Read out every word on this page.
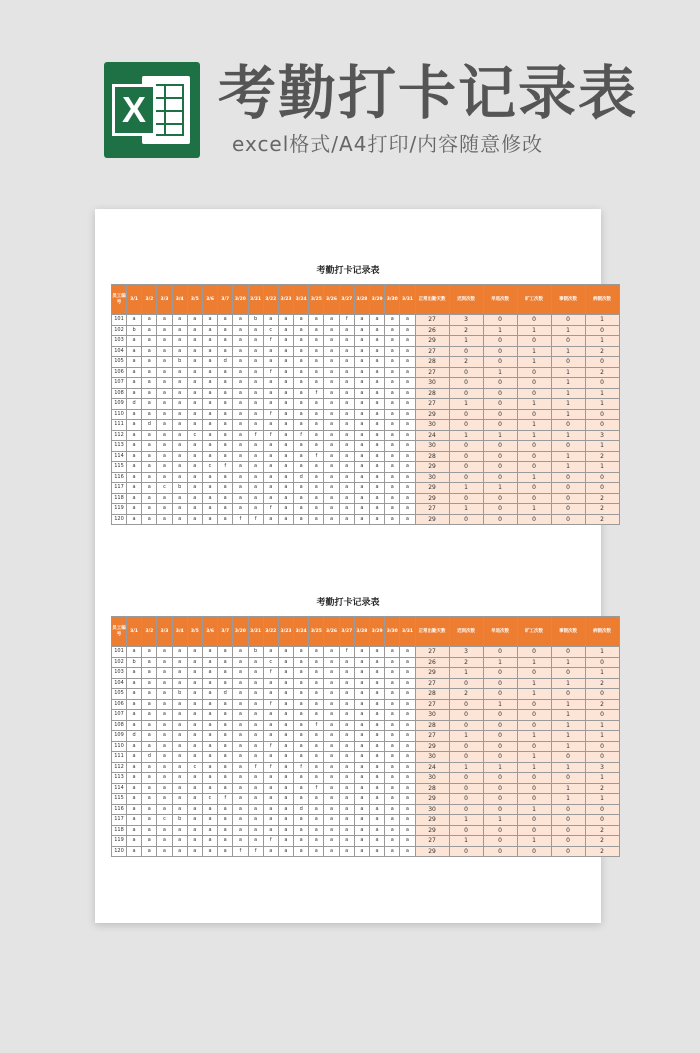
X 考勤打卡记录表
excel格式/A4打印/内容随意修改
考勤打卡记录表
员工编号	3/1	3/2	3/3	3/4	3/5	3/6	3/7	3/20	3/21	3/22	3/23	3/24	3/25	3/26	3/27	3/28	3/29	3/30	3/31	正常出勤天数	迟到次数	早退次数	旷工次数	事假次数	病假次数
101	a	a	a	a	a	a	a	a	b	a	a	a	a	a	f	a	a	a	a	27	3	0	0	0	1
102	b	a	a	a	a	a	a	a	a	c	a	a	a	a	a	a	a	a	a	26	2	1	1	1	0
103	a	a	a	a	a	a	a	a	a	f	a	a	a	a	a	a	a	a	a	29	1	0	0	0	1
104	a	a	a	a	a	a	a	a	a	a	a	a	a	a	a	a	a	a	a	27	0	0	1	1	2
105	a	a	a	b	a	a	d	a	a	a	a	a	a	a	a	a	a	a	a	28	2	0	1	0	0
106	a	a	a	a	a	a	a	a	a	f	a	a	a	a	a	a	a	a	a	27	0	1	0	1	2
107	a	a	a	a	a	a	a	a	a	a	a	a	a	a	a	a	a	a	a	30	0	0	0	1	0
108	a	a	a	a	a	a	a	a	a	a	a	a	f	a	a	a	a	a	a	28	0	0	0	1	1
109	d	a	a	a	a	a	a	a	a	a	a	a	a	a	a	a	a	a	a	27	1	0	1	1	1
110	a	a	a	a	a	a	a	a	a	f	a	a	a	a	a	a	a	a	a	29	0	0	0	1	0
111	a	d	a	a	a	a	a	a	a	a	a	a	a	a	a	a	a	a	a	30	0	0	1	0	0
112	a	a	a	a	c	a	a	a	f	f	a	f	a	a	a	a	a	a	a	24	1	1	1	1	3
113	a	a	a	a	a	a	a	a	a	a	a	a	a	a	a	a	a	a	a	30	0	0	0	0	1
114	a	a	a	a	a	a	a	a	a	a	a	a	f	a	a	a	a	a	a	28	0	0	0	1	2
115	a	a	a	a	a	c	f	a	a	a	a	a	a	a	a	a	a	a	a	29	0	0	0	1	1
116	a	a	a	a	a	a	a	a	a	a	a	d	a	a	a	a	a	a	a	30	0	0	1	0	0
117	a	a	c	b	a	a	a	a	a	a	a	a	a	a	a	a	a	a	a	29	1	1	0	0	0
118	a	a	a	a	a	a	a	a	a	a	a	a	a	a	a	a	a	a	a	29	0	0	0	0	2
119	a	a	a	a	a	a	a	a	a	f	a	a	a	a	a	a	a	a	a	27	1	0	1	0	2
120	a	a	a	a	a	a	a	f	f	a	a	a	a	a	a	a	a	a	a	29	0	0	0	0	2
考勤打卡记录表
员工编号	3/1	3/2	3/3	3/4	3/5	3/6	3/7	3/20	3/21	3/22	3/23	3/24	3/25	3/26	3/27	3/28	3/29	3/30	3/31	正常出勤天数	迟到次数	早退次数	旷工次数	事假次数	病假次数
101	a	a	a	a	a	a	a	a	b	a	a	a	a	a	f	a	a	a	a	27	3	0	0	0	1
102	b	a	a	a	a	a	a	a	a	c	a	a	a	a	a	a	a	a	a	26	2	1	1	1	0
103	a	a	a	a	a	a	a	a	a	f	a	a	a	a	a	a	a	a	a	29	1	0	0	0	1
104	a	a	a	a	a	a	a	a	a	a	a	a	a	a	a	a	a	a	a	27	0	0	1	1	2
105	a	a	a	b	a	a	d	a	a	a	a	a	a	a	a	a	a	a	a	28	2	0	1	0	0
106	a	a	a	a	a	a	a	a	a	f	a	a	a	a	a	a	a	a	a	27	0	1	0	1	2
107	a	a	a	a	a	a	a	a	a	a	a	a	a	a	a	a	a	a	a	30	0	0	0	1	0
108	a	a	a	a	a	a	a	a	a	a	a	a	f	a	a	a	a	a	a	28	0	0	0	1	1
109	d	a	a	a	a	a	a	a	a	a	a	a	a	a	a	a	a	a	a	27	1	0	1	1	1
110	a	a	a	a	a	a	a	a	a	f	a	a	a	a	a	a	a	a	a	29	0	0	0	1	0
111	a	d	a	a	a	a	a	a	a	a	a	a	a	a	a	a	a	a	a	30	0	0	1	0	0
112	a	a	a	a	c	a	a	a	f	f	a	f	a	a	a	a	a	a	a	24	1	1	1	1	3
113	a	a	a	a	a	a	a	a	a	a	a	a	a	a	a	a	a	a	a	30	0	0	0	0	1
114	a	a	a	a	a	a	a	a	a	a	a	a	f	a	a	a	a	a	a	28	0	0	0	1	2
115	a	a	a	a	a	c	f	a	a	a	a	a	a	a	a	a	a	a	a	29	0	0	0	1	1
116	a	a	a	a	a	a	a	a	a	a	a	d	a	a	a	a	a	a	a	30	0	0	1	0	0
117	a	a	c	b	a	a	a	a	a	a	a	a	a	a	a	a	a	a	a	29	1	1	0	0	0
118	a	a	a	a	a	a	a	a	a	a	a	a	a	a	a	a	a	a	a	29	0	0	0	0	2
119	a	a	a	a	a	a	a	a	a	f	a	a	a	a	a	a	a	a	a	27	1	0	1	0	2
120	a	a	a	a	a	a	a	f	f	a	a	a	a	a	a	a	a	a	a	29	0	0	0	0	2
